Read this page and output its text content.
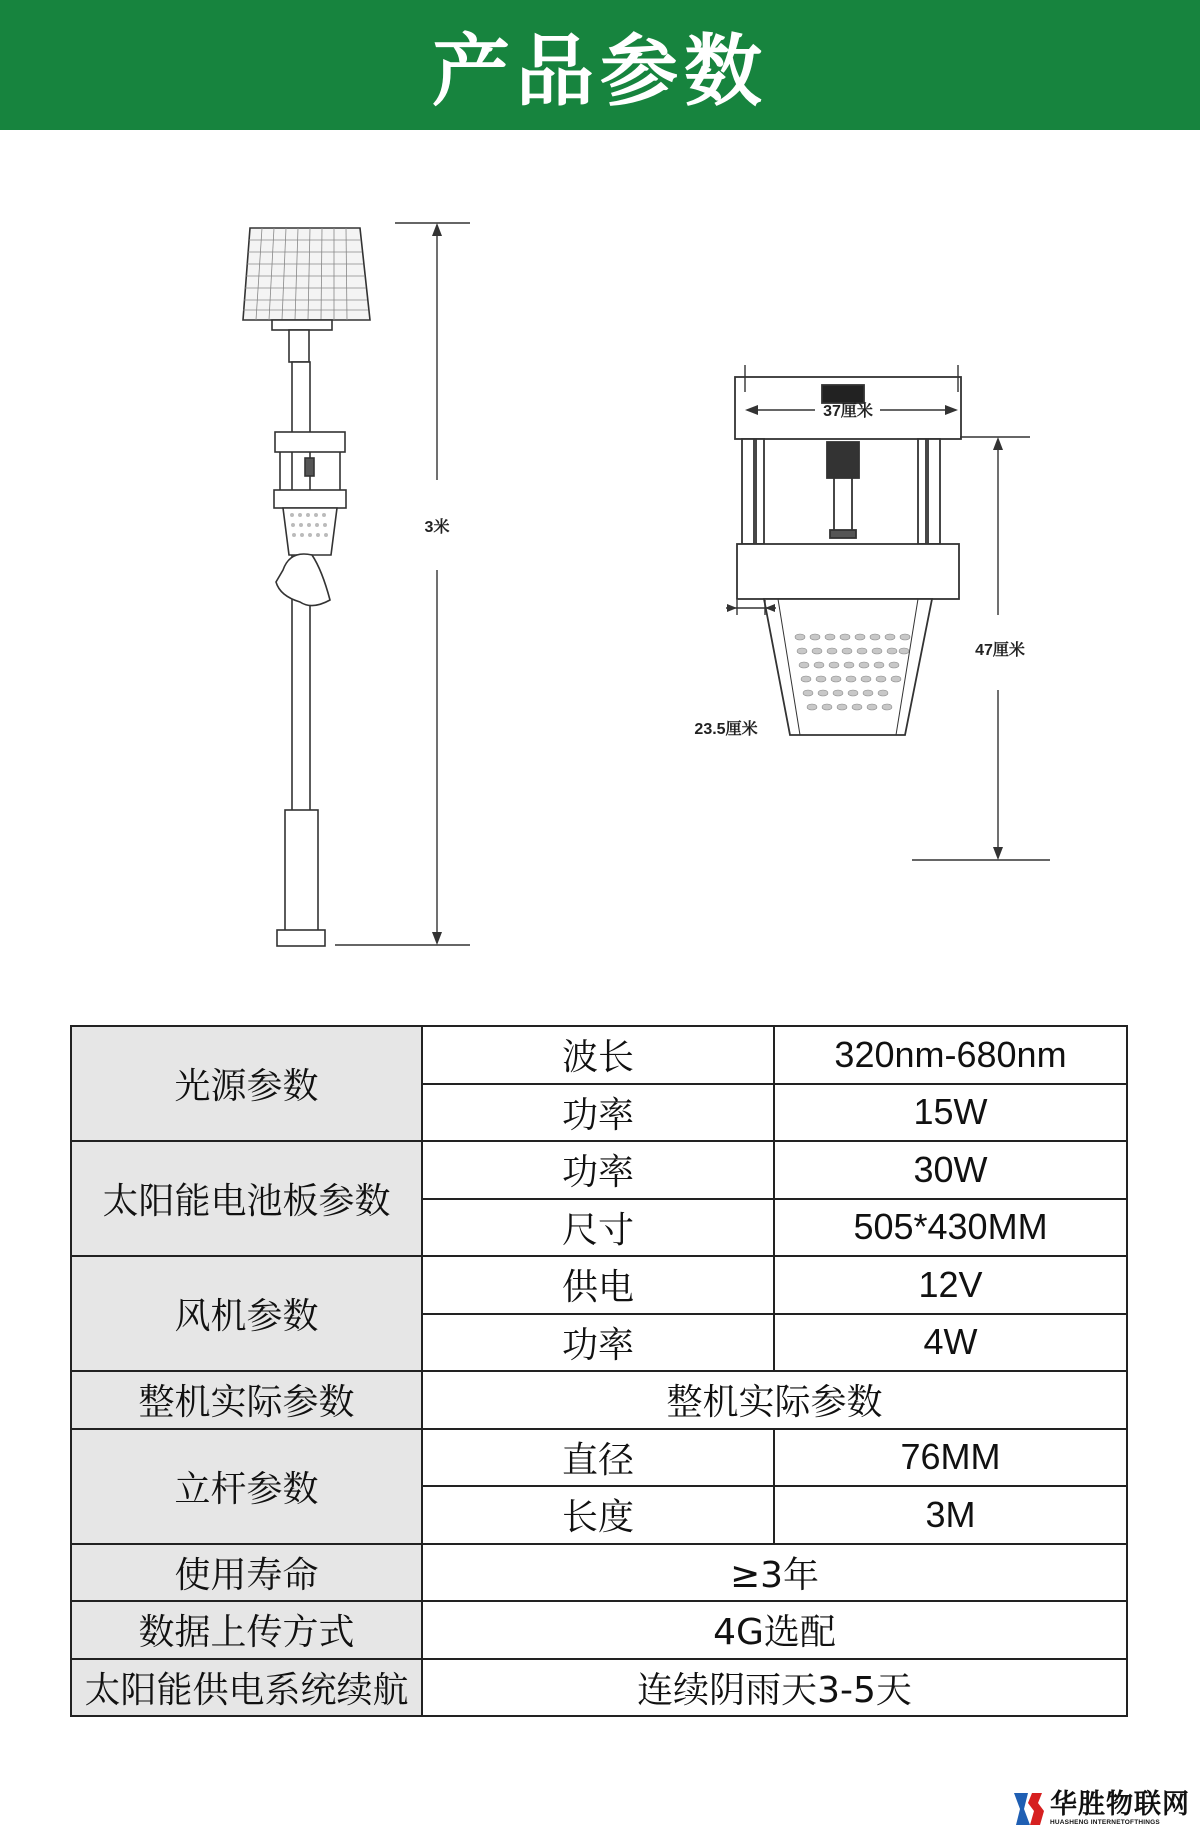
产品参数
3米
37厘米
47厘米
23.5厘米
光源参数	波长	320nm-680nm
	功率	15W
太阳能电池板参数	功率	30W
	尺寸	505*430MM
风机参数	供电	12V
	功率	4W
整机实际参数	整机实际参数	
立杆参数	直径	76MM
	长度	3M
使用寿命	≥3年	
数据上传方式	4G选配	
太阳能供电系统续航	连续阴雨天3-5天	
华胜物联网
HUASHENG INTERNETOFTHINGS
